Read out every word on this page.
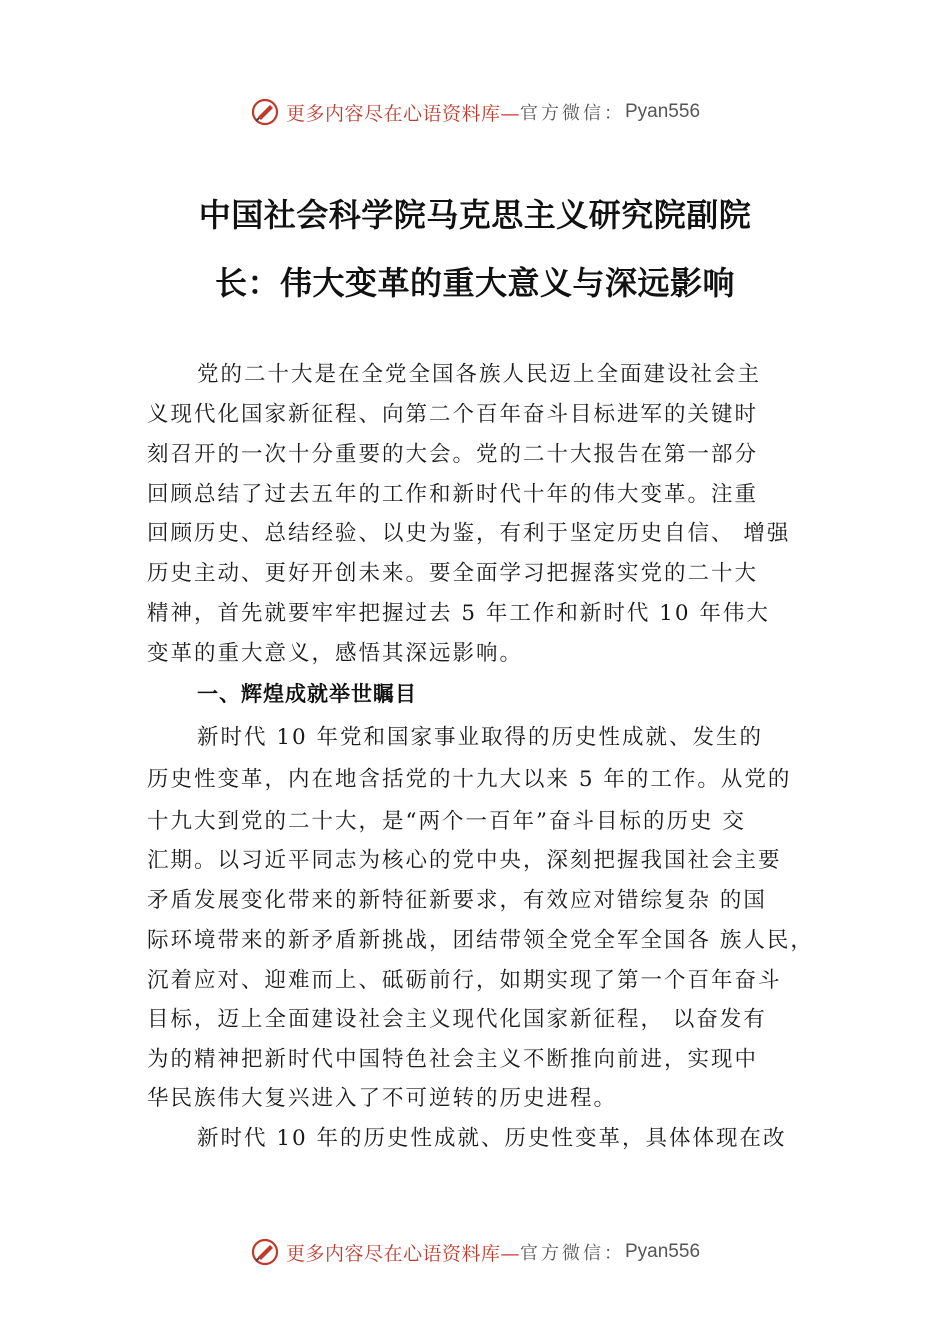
更多内容尽在心语资料库— 官方微信： Pyan556
中国社会科学院马克思主义研究院副院
长：伟大变革的重大意义与深远影响
党的二十大是在全党全国各族人民迈上全面建设社会主
义现代化国家新征程、向第二个百年奋斗目标进军的关键时
刻召开的一次十分重要的大会。党的二十大报告在第一部分
回顾总结了过去五年的工作和新时代十年的伟大变革。注重
回顾历史、总结经验、以史为鉴，有利于坚定历史自信、 增强
历史主动、更好开创未来。要全面学习把握落实党的二十大
精神，首先就要牢牢把握过去 5 年工作和新时代 10 年伟大
变革的重大意义，感悟其深远影响。
一、辉煌成就举世瞩目
新时代 10 年党和国家事业取得的历史性成就、发生的
历史性变革，内在地含括党的十九大以来 5 年的工作。从党的
十九大到党的二十大，是“两个一百年”奋斗目标的历史 交
汇期。以习近平同志为核心的党中央，深刻把握我国社会主要
矛盾发展变化带来的新特征新要求，有效应对错综复杂 的国
际环境带来的新矛盾新挑战，团结带领全党全军全国各 族人民，
沉着应对、迎难而上、砥砺前行，如期实现了第一个百年奋斗
目标，迈上全面建设社会主义现代化国家新征程， 以奋发有
为的精神把新时代中国特色社会主义不断推向前进，实现中
华民族伟大复兴进入了不可逆转的历史进程。
新时代 10 年的历史性成就、历史性变革，具体体现在改
更多内容尽在心语资料库— 官方微信： Pyan556
